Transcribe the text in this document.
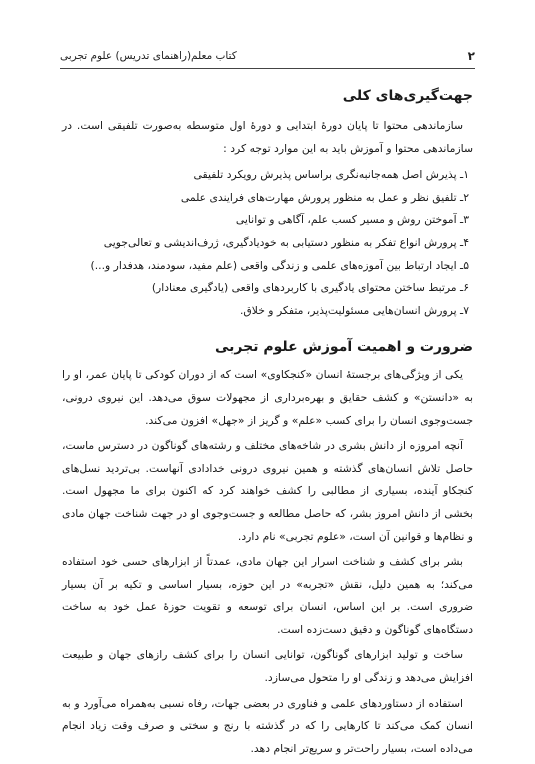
۲
کتاب معلم(راهنمای تدریس) علوم تجربی
جهت‌گیری‌های کلی

سازماندهی محتوا تا پایان دورهٔ ابتدایی و دورهٔ اول متوسطه به‌صورت تلفیقی است. در سازماندهی محتوا و آموزش باید به این موارد توجه کرد :

۱ـ پذیرش اصل همه‌جانبه‌نگری براساس پذیرش رویکرد تلفیقی
۲ـ تلفیق نظر و عمل به منظور پرورش مهارت‌های فرایندی علمی
۳ـ آموختن روش و مسیر کسب علم، آگاهی و توانایی
۴ـ پرورش انواع تفکر به منظور دستیابی به خودیادگیری، ژرف‌اندیشی و تعالی‌جویی
۵ـ ایجاد ارتباط بین آموزه‌های علمی و زندگی واقعی (علم مفید، سودمند، هدفدار و...)
۶ـ مرتبط ساختن محتوای یادگیری با کاربردهای واقعی (یادگیری معنادار)
۷ـ پرورش انسان‌هایی مسئولیت‌پذیر، متفکر و خلاق.
ضرورت و اهمیت آموزش علوم تجربی

یکی از ویژگی‌های برجستهٔ انسان «کنجکاوی» است که از دوران کودکی تا پایان عمر، او را به «دانستن» و کشف حقایق و بهره‌برداری از مجهولات سوق می‌دهد. این نیروی درونی، جست‌وجوی انسان را برای کسب «علم» و گریز از «جهل» افزون می‌کند.

آنچه امروزه از دانش بشری در شاخه‌های مختلف و رشته‌های گوناگون در دسترس ماست، حاصل تلاش انسان‌های گذشته و همین نیروی درونی خدادادی آنهاست. بی‌تردید نسل‌های کنجکاو آینده، بسیاری از مطالبی را کشف خواهند کرد که اکنون برای ما مجهول است. بخشی از دانش امروز بشر، که حاصل مطالعه و جست‌وجوی او در جهت شناخت جهان مادی و نظام‌ها و قوانین آن است، «علوم تجربی» نام دارد.

بشر برای کشف و شناخت اسرار این جهان مادی، عمدتاً از ابزارهای حسی خود استفاده می‌کند؛ به همین دلیل، نقش «تجربه» در این حوزه، بسیار اساسی و تکیه بر آن بسیار ضروری است. بر این اساس، انسان برای توسعه و تقویت حوزهٔ عمل خود به ساخت دستگاه‌های گوناگون و دقیق دست‌زده است.

ساخت و تولید ابزارهای گوناگون، توانایی انسان را برای کشف رازهای جهان و طبیعت افزایش می‌دهد و زندگی او را متحول می‌سازد.

استفاده از دستاوردهای علمی و فناوری در بعضی جهات، رفاه نسبی به‌همراه می‌آورد و به انسان کمک می‌کند تا کارهایی را که در گذشته با رنج و سختی و صرف وقت زیاد انجام می‌داده است، بسیار راحت‌تر و سریع‌تر انجام دهد.
